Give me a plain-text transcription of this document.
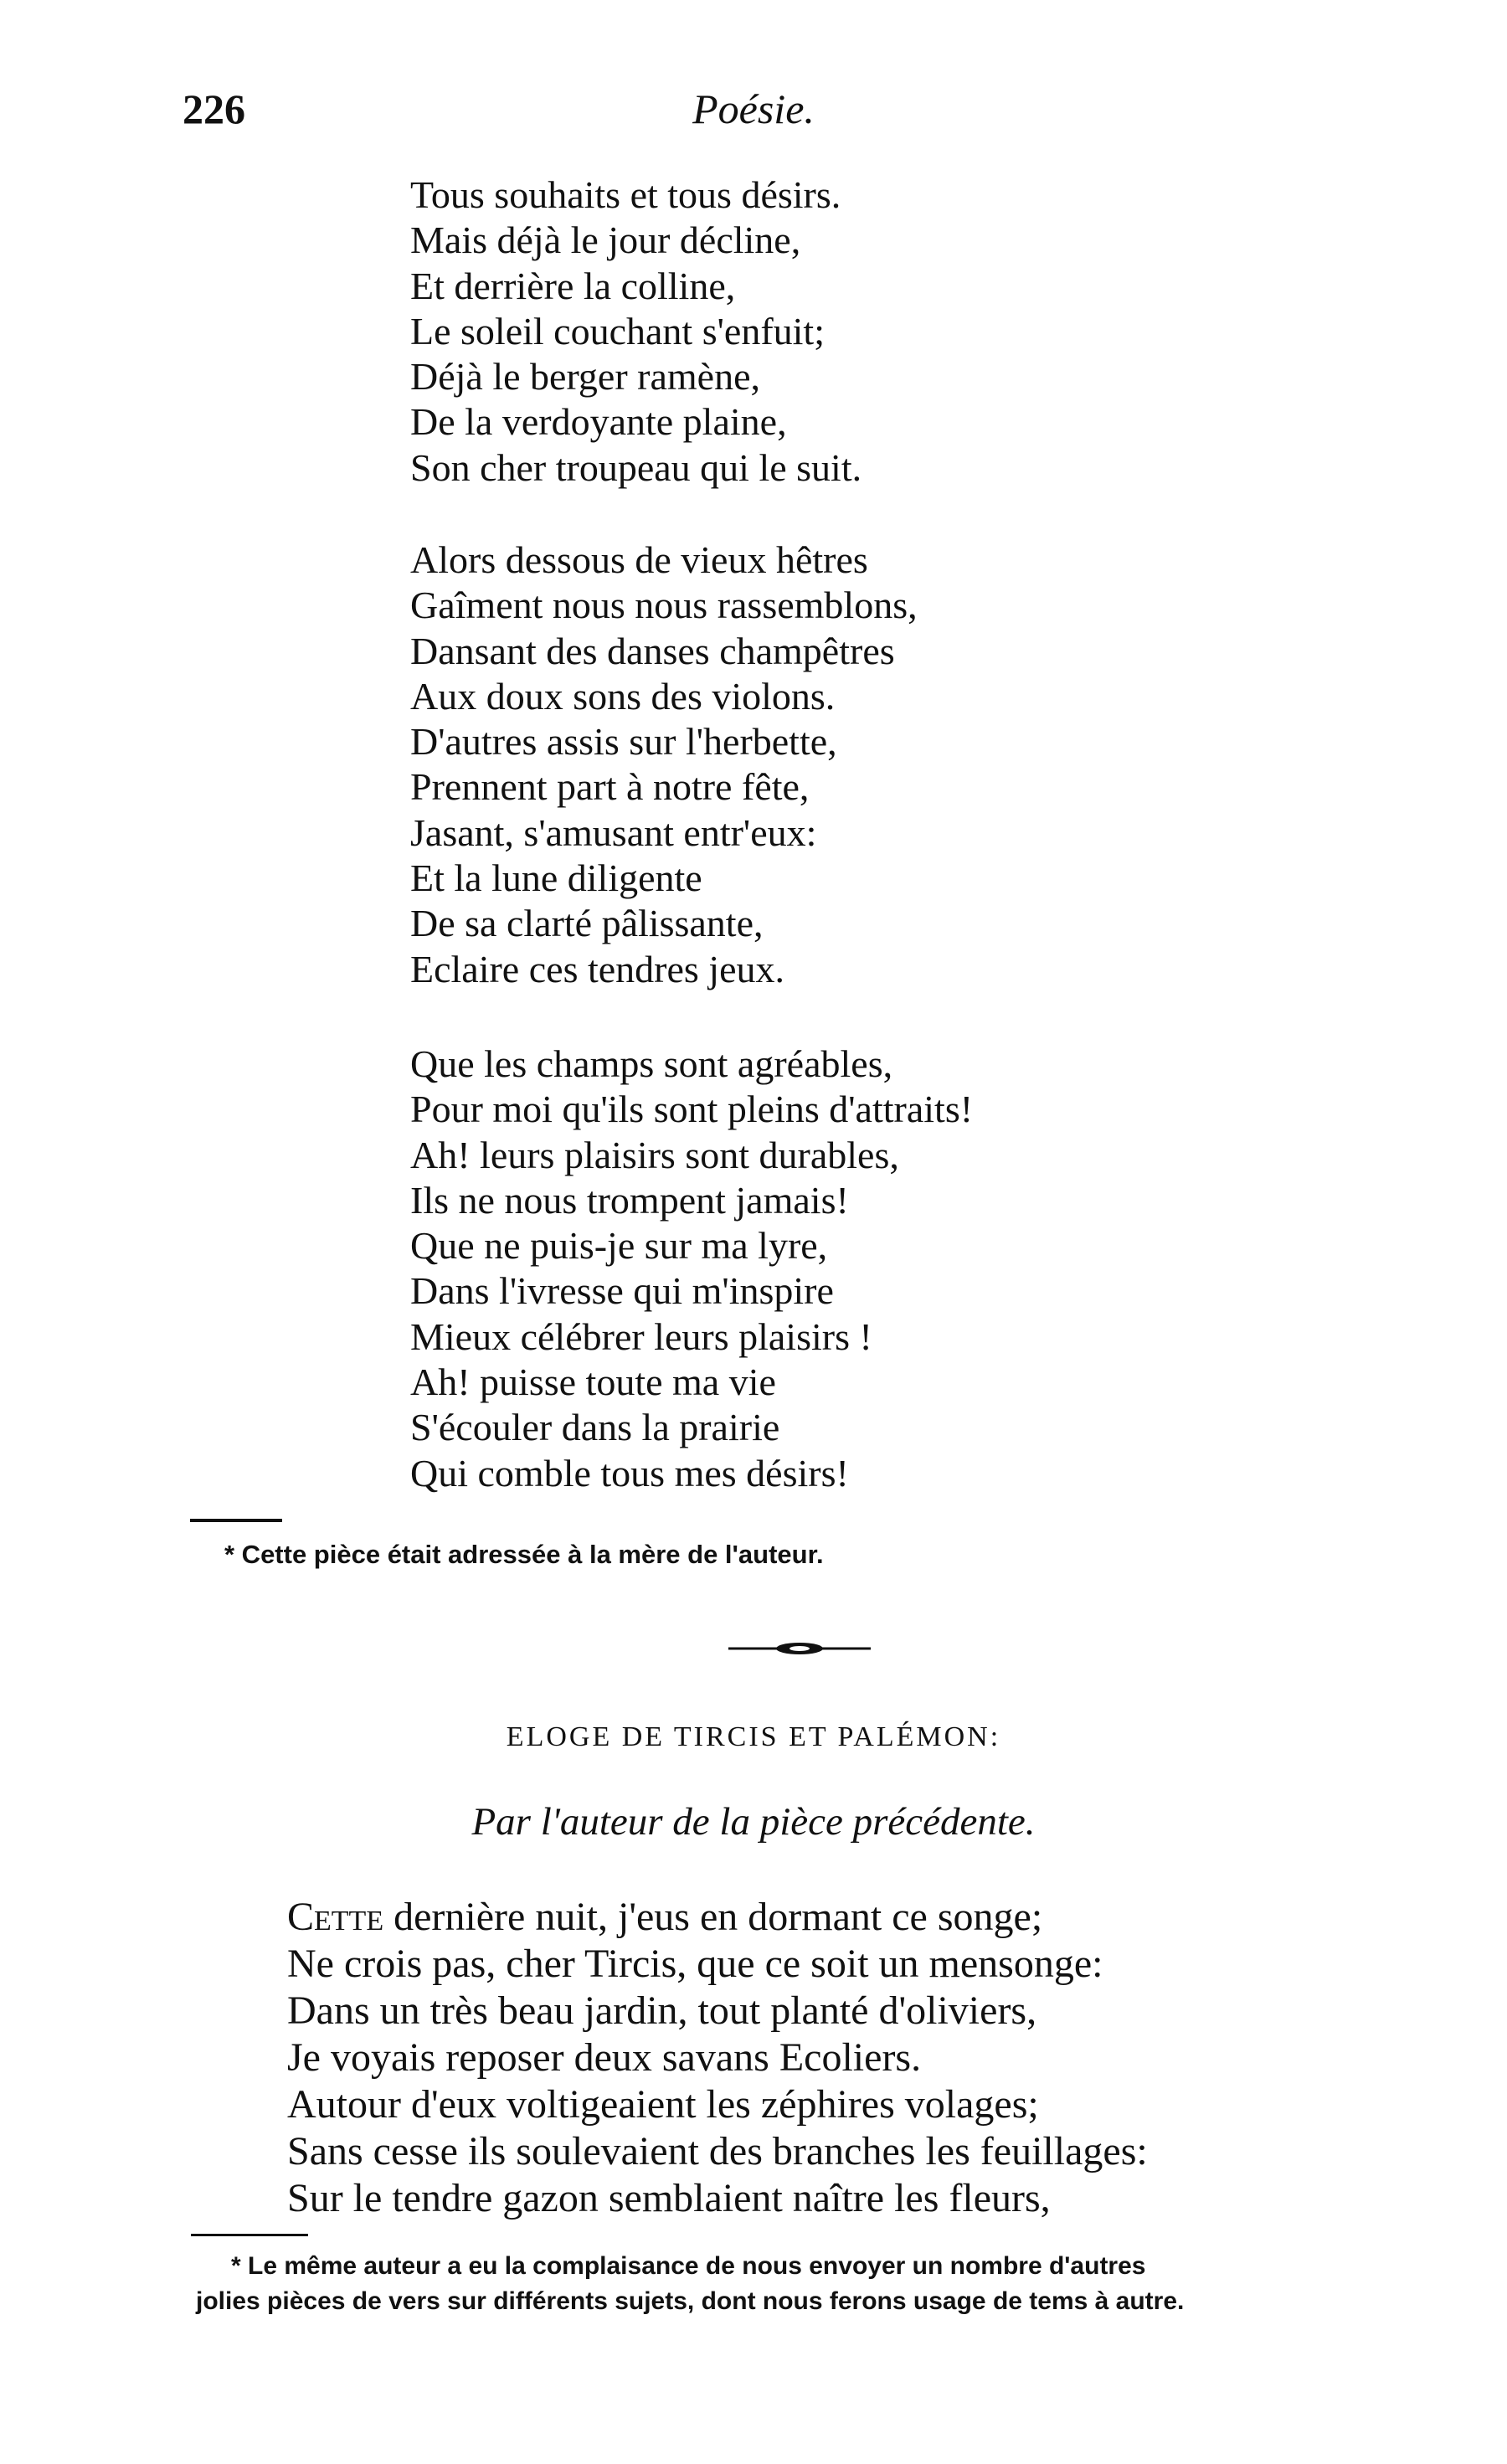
226	Poésie.
Tous souhaits et tous désirs.
Mais déjà le jour décline,
Et derrière la colline,
Le soleil couchant s'enfuit;
Déjà le berger ramène,
De la verdoyante plaine,
Son cher troupeau qui le suit.
Alors dessous de vieux hêtres
Gaîment nous nous rassemblons,
Dansant des danses champêtres
Aux doux sons des violons.
D'autres assis sur l'herbette,
Prennent part à notre fête,
Jasant, s'amusant entr'eux:
Et la lune diligente
De sa clarté pâlissante,
Eclaire ces tendres jeux.
Que les champs sont agréables,
Pour moi qu'ils sont pleins d'attraits!
Ah! leurs plaisirs sont durables,
Ils ne nous trompent jamais!
Que ne puis-je sur ma lyre,
Dans l'ivresse qui m'inspire
Mieux célébrer leurs plaisirs !
Ah! puisse toute ma vie
S'écouler dans la prairie
Qui comble tous mes désirs!
* Cette pièce était adressée à la mère de l'auteur.
ELOGE DE TIRCIS ET PALÉMON:
Par l'auteur de la pièce précédente.
Cette dernière nuit, j'eus en dormant ce songe;
Ne crois pas, cher Tircis, que ce soit un mensonge:
Dans un très beau jardin, tout planté d'oliviers,
Je voyais reposer deux savans Ecoliers.
Autour d'eux voltigeaient les zéphires volages;
Sans cesse ils soulevaient des branches les feuillages:
Sur le tendre gazon semblaient naître les fleurs,
* Le même auteur a eu la complaisance de nous envoyer un nombre d'autres
jolies pièces de vers sur différents sujets, dont nous ferons usage de tems à autre.
